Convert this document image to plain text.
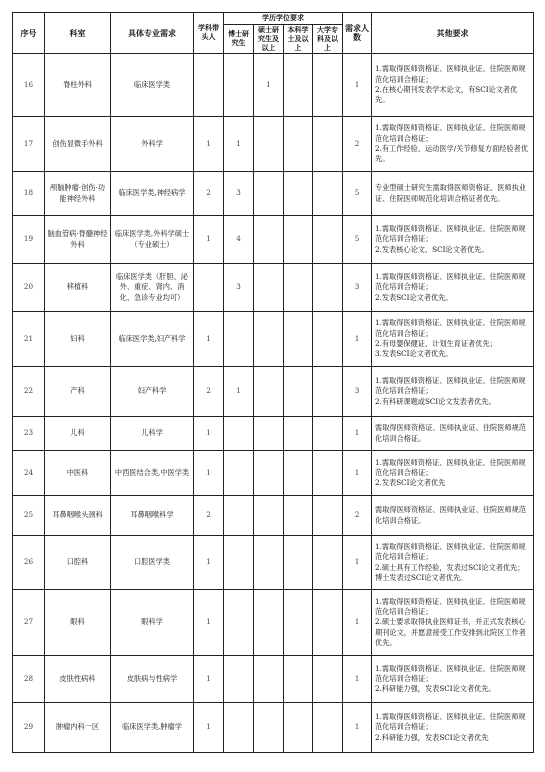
序号	科室	具体专业需求	学科带头人	学历学位要求				需求人数	其他要求
				博士研究生	硕士研究生及以上	本科学士及以上	大学专科及以上		
16	脊柱外科	临床医学类			1			1	1.需取得医师资格证、医师执业证、住院医师规范化培训合格证；
2.在核心期刊发表学术论文，有SCI论文者优先。
17	创伤显微手外科	外科学	1	1				2	1.需取得医师资格证、医师执业证、住院医师规范化培训合格证；
2.有工作经验、运动医学/关节修复方面经验者优先。
18	颅脑肿瘤·创伤·功能神经外科	临床医学类,神经病学	2	3				5	专业型硕士研究生需取得医师资格证、医师执业证、住院医师规范化培训合格证者优先。
19	脑血管病·脊髓神经外科	临床医学类,外科学硕士（专业硕士）	1	4				5	1.需取得医师资格证、医师执业证、住院医师规范化培训合格证；
2.发表核心论文、SCI论文者优先。
20	移植科	临床医学类（肝胆、泌外、重症、肾内、消化、急诊专业均可）		3				3	1.需取得医师资格证、医师执业证、住院医师规范化培训合格证；
2.发表SCI论文者优先。
21	妇科	临床医学类,妇产科学	1					1	1.需取得医师资格证、医师执业证、住院医师规范化培训合格证；
2.有母婴保健证、计划生育证者优先；
3.发表SCI论文者优先。
22	产科	妇产科学	2	1				3	1.需取得医师资格证、医师执业证、住院医师规范化培训合格证；
2.有科研课题或SCI论文发表者优先。
23	儿科	儿科学	1					1	需取得医师资格证、医师执业证、住院医师规范化培训合格证。
24	中医科	中西医结合类,中医学类	1					1	1.需取得医师资格证、医师执业证、住院医师规范化培训合格证；
2.发表SCI论文者优先
25	耳鼻咽喉头颈科	耳鼻咽喉科学	2					2	需取得医师资格证、医师执业证、住院医师规范化培训合格证。
26	口腔科	口腔医学类	1					1	1.需取得医师资格证、医师执业证、住院医师规范化培训合格证；
2.硕士具有工作经验，发表过SCI论文者优先；博士发表过SCI论文者优先。
27	眼科	眼科学	1					1	1.需取得医师资格证、医师执业证、住院医师规范化培训合格证；
2.硕士要求取得执业医师证书，并正式发表核心期刊论文，并愿意接受工作安排到北院区工作者优先。
28	皮肤性病科	皮肤病与性病学	1					1	1.需取得医师资格证、医师执业证、住院医师规范化培训合格证；
2.科研能力强，发表SCI论文者优先。
29	肿瘤内科一区	临床医学类,肿瘤学	1					1	1.需取得医师资格证、医师执业证、住院医师规范化培训合格证；
2.科研能力强，发表SCI论文者优先
